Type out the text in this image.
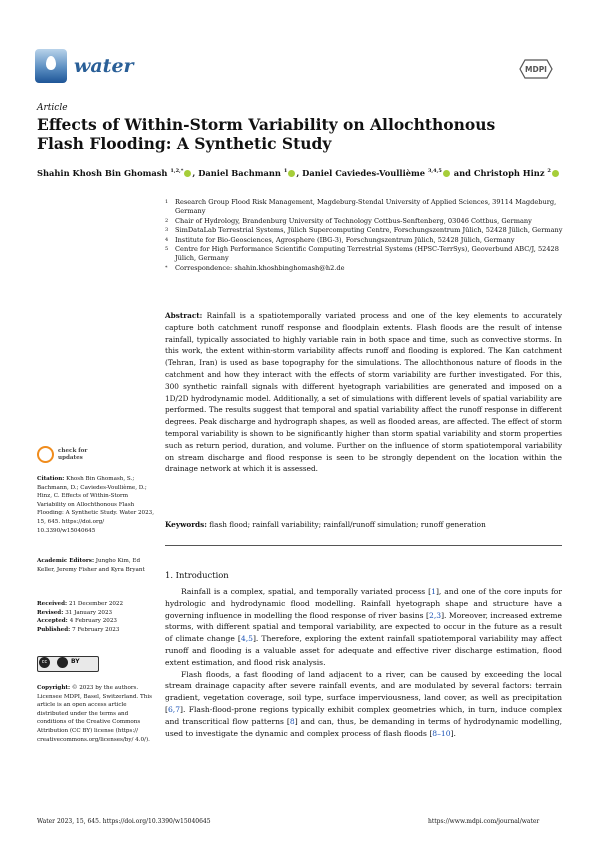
water	MDPI
Article
Effects of Within-Storm Variability on Allochthonous Flash Flooding: A Synthetic Study
Shahin Khosh Bin Ghomash $^{1,2,*}$ , Daniel Bachmann $^1$ , Daniel Caviedes-Voullième $^{3,4,5}$ and Christoph Hinz $^2$
1	Research Group Flood Risk Management, Magdeburg-Stendal University of Applied Sciences, 39114 Magdeburg, Germany
2	Chair of Hydrology, Brandenburg University of Technology Cottbus-Senftenberg, 03046 Cottbus, Germany
3	SimDataLab Terrestrial Systems, Jülich Supercomputing Centre, Forschungszentrum Jülich, 52428 Jülich, Germany
4	Institute for Bio-Geosciences, Agrosphere (IBG-3), Forschungszentrum Jülich, 52428 Jülich, Germany
5	Centre for High Performance Scientific Computing Terrestrial Systems (HPSC-TerrSys), Geoverbund ABC/J, 52428 Jülich, Germany
*	Correspondence: shahin.khoshbinghomash@h2.de
Abstract: Rainfall is a spatiotemporally variated process and one of the key elements to accurately capture both catchment runoff response and floodplain extents. Flash floods are the result of intense rainfall, typically associated to highly variable rain in both space and time, such as convective storms. In this work, the extent within-storm variability affects runoff and flooding is explored. The Kan catchment (Tehran, Iran) is used as base topography for the simulations. The allochthonous nature of floods in the catchment and how they interact with the effects of storm variability are further investigated. For this, 300 synthetic rainfall signals with different hyetograph variabilities are generated and imposed on a 1D/2D hydrodynamic model. Additionally, a set of simulations with different levels of spatial variability are performed. The results suggest that temporal and spatial variability affect the runoff response in different degrees. Peak discharge and hydrograph shapes, as well as flooded areas, are affected. The effect of storm temporal variability is shown to be significantly higher than storm spatial variability and storm properties such as return period, duration, and volume. Further on the influence of storm spatiotemporal variability on stream discharge and flood response is seen to be strongly dependent on the location within the drainage network at which it is assessed.
Keywords: flash flood; rainfall variability; rainfall/runoff simulation; runoff generation
1. Introduction

Rainfall is a complex, spatial, and temporally variated process [1], and one of the core inputs for hydrologic and hydrodynamic flood modelling. Rainfall hyetograph shape and structure have a governing influence in modelling the flood response of river basins [2,3]. Moreover, increased extreme storms, with different spatial and temporal variability, are expected to occur in the future as a result of climate change [4,5]. Therefore, exploring the extent rainfall spatiotemporal variability may affect runoff and flooding is a valuable asset for adequate and effective river discharge estimation, flood extent estimation, and flood risk analysis.

Flash floods, a fast flooding of land adjacent to a river, can be caused by exceeding the local stream drainage capacity after severe rainfall events, and are modulated by several factors: terrain gradient, vegetation coverage, soil type, surface imperviousness, land cover, as well as precipitation [6,7]. Flash-flood-prone regions typically exhibit complex geometries which, in turn, induce complex and transcritical flow patterns [8] and can, thus, be demanding in terms of hydrodynamic modelling, used to investigate the dynamic and complex process of flash floods [8–10].

check for
updates
Citation: Khosh Bin Ghomash, S.; Bachmann, D.; Caviedes-Voullième, D.; Hinz, C. Effects of Within-Storm Variability on Allochthonous Flash Flooding: A Synthetic Study. Water 2023, 15, 645. https://doi.org/ 10.3390/w15040645
Academic Editors: Jungho Kim, Ed Keller, Jeremy Fisher and Kyra Bryant
Received: 21 December 2022
Revised: 31 January 2023
Accepted: 4 February 2023
Published: 7 February 2023
cc	BY
Copyright: © 2023 by the authors. Licensee MDPI, Basel, Switzerland. This article is an open access article distributed under the terms and conditions of the Creative Commons Attribution (CC BY) license (https:// creativecommons.org/licenses/by/ 4.0/).
Water 2023, 15, 645. https://doi.org/10.3390/w15040645	https://www.mdpi.com/journal/water
